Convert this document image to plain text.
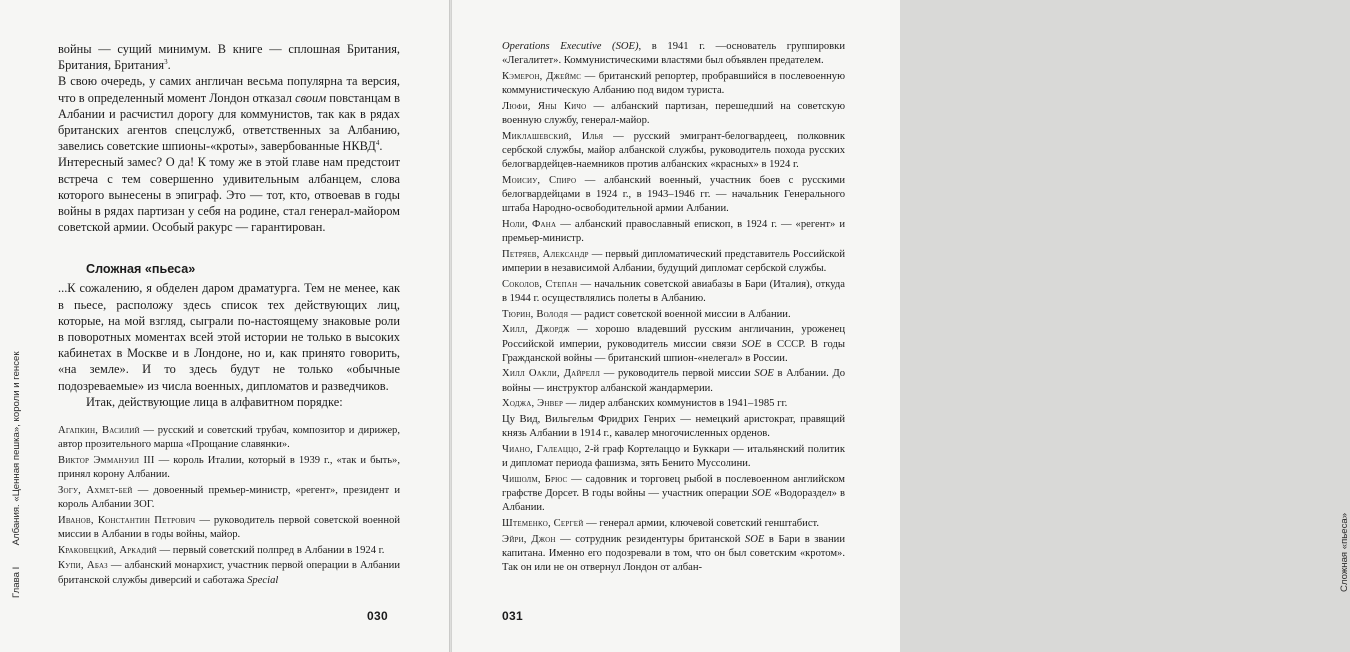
войны — сущий минимум. В книге — сплошная Британия, Британия, Британия$^3$.

В свою очередь, у самих англичан весьма популярна та версия, что в определенный момент Лондон отказал своим повстанцам в Албании и расчистил дорогу для коммунистов, так как в рядах британских агентов спецслужб, ответственных за Албанию, завелись советские шпионы-«кроты», завербованные НКВД$^4$.

Интересный замес? О да! К тому же в этой главе нам предстоит встреча с тем совершенно удивительным албанцем, слова которого вынесены в эпиграф. Это — тот, кто, отвоевав в годы войны в рядах партизан у себя на родине, стал генерал-майором советской армии. Особый ракурс — гарантирован.

Сложная «пьеса»

...К сожалению, я обделен даром драматурга. Тем не менее, как в пьесе, расположу здесь список тех действующих лиц, которые, на мой взгляд, сыграли по-настоящему знаковые роли в поворотных моментах всей этой истории не только в высоких кабинетах в Москве и в Лондоне, но и, как принято говорить, «на земле». И то здесь будут не только «обычные подозреваемые» из числа военных, дипломатов и разведчиков.

Итак, действующие лица в алфавитном порядке:

Агапкин, Василий — русский и советский трубач, композитор и дирижер, автор прозительного марша «Прощание славянки».

Виктор Эммануил III — король Италии, который в 1939 г., «так и быть», принял корону Албании.

Зогу, Ахмет-бей — довоенный премьер-министр, «регент», президент и король Албании ЗОГ.

Иванов, Константин Петрович — руководитель первой советской военной миссии в Албании в годы войны, майор.

Краковецкий, Аркадий — первый советский полпред в Албании в 1924 г.

Купи, Абаз — албанский монархист, участник первой операции в Албании британской службы диверсий и саботажа Special

030
Глава I        Албания. «Ценная пешка», короли и генсек

Operations Executive (SOE), в 1941 г. —основатель группировки «Легалитет». Коммунистическими властями был объявлен предателем.

Кэмерон, Джеймс — британский репортер, пробравшийся в послевоенную коммунистическую Албанию под видом туриста.

Люфи, Яны Кичо — албанский партизан, перешедший на советскую военную службу, генерал-майор.

Миклашевский, Илья — русский эмигрант-белогвардеец, полковник сербской службы, майор албанской службы, руководитель похода русских белогвардейцев-наемников против албанских «красных» в 1924 г.

Моисиу, Спиро — албанский военный, участник боев с русскими белогвардейцами в 1924 г., в 1943–1946 гг. — начальник Генерального штаба Народно-освободительной армии Албании.

Ноли, Фана — албанский православный епископ, в 1924 г. — «регент» и премьер-министр.

Петряев, Александр — первый дипломатический представитель Российской империи в независимой Албании, будущий дипломат сербской службы.

Соколов, Степан — начальник советской авиабазы в Бари (Италия), откуда в 1944 г. осуществлялись полеты в Албанию.

Тюрин, Володя — радист советской военной миссии в Албании.

Хилл, Джордж — хорошо владевший русским англичанин, уроженец Российской империи, руководитель миссии связи SOE в СССР. В годы Гражданской войны — британский шпион-«нелегал» в России.

Хилл Оакли, Дайрелл — руководитель первой миссии SOE в Албании. До войны — инструктор албанской жандармерии.

Ходжа, Энвер — лидер албанских коммунистов в 1941–1985 гг.

Цу Вид, Вильгельм Фридрих Генрих — немецкий аристократ, правящий князь Албании в 1914 г., кавалер многочисленных орденов.

Чиано, Галеаццо, 2-й граф Кортелаццо и Буккари — итальянский политик и дипломат периода фашизма, зять Бенито Муссолини.

Чишолм, Брюс — садовник и торговец рыбой в послевоенном английском графстве Дорсет. В годы войны — участник операции SOE «Водораздел» в Албании.

Штеменко, Сергей — генерал армии, ключевой советский генштабист.

Эйри, Джон — сотрудник резидентуры британской SOE в Бари в звании капитана. Именно его подозревали в том, что он был советским «кротом». Так он или не он отвернул Лондон от албан-

031
Сложная «пьеса»
